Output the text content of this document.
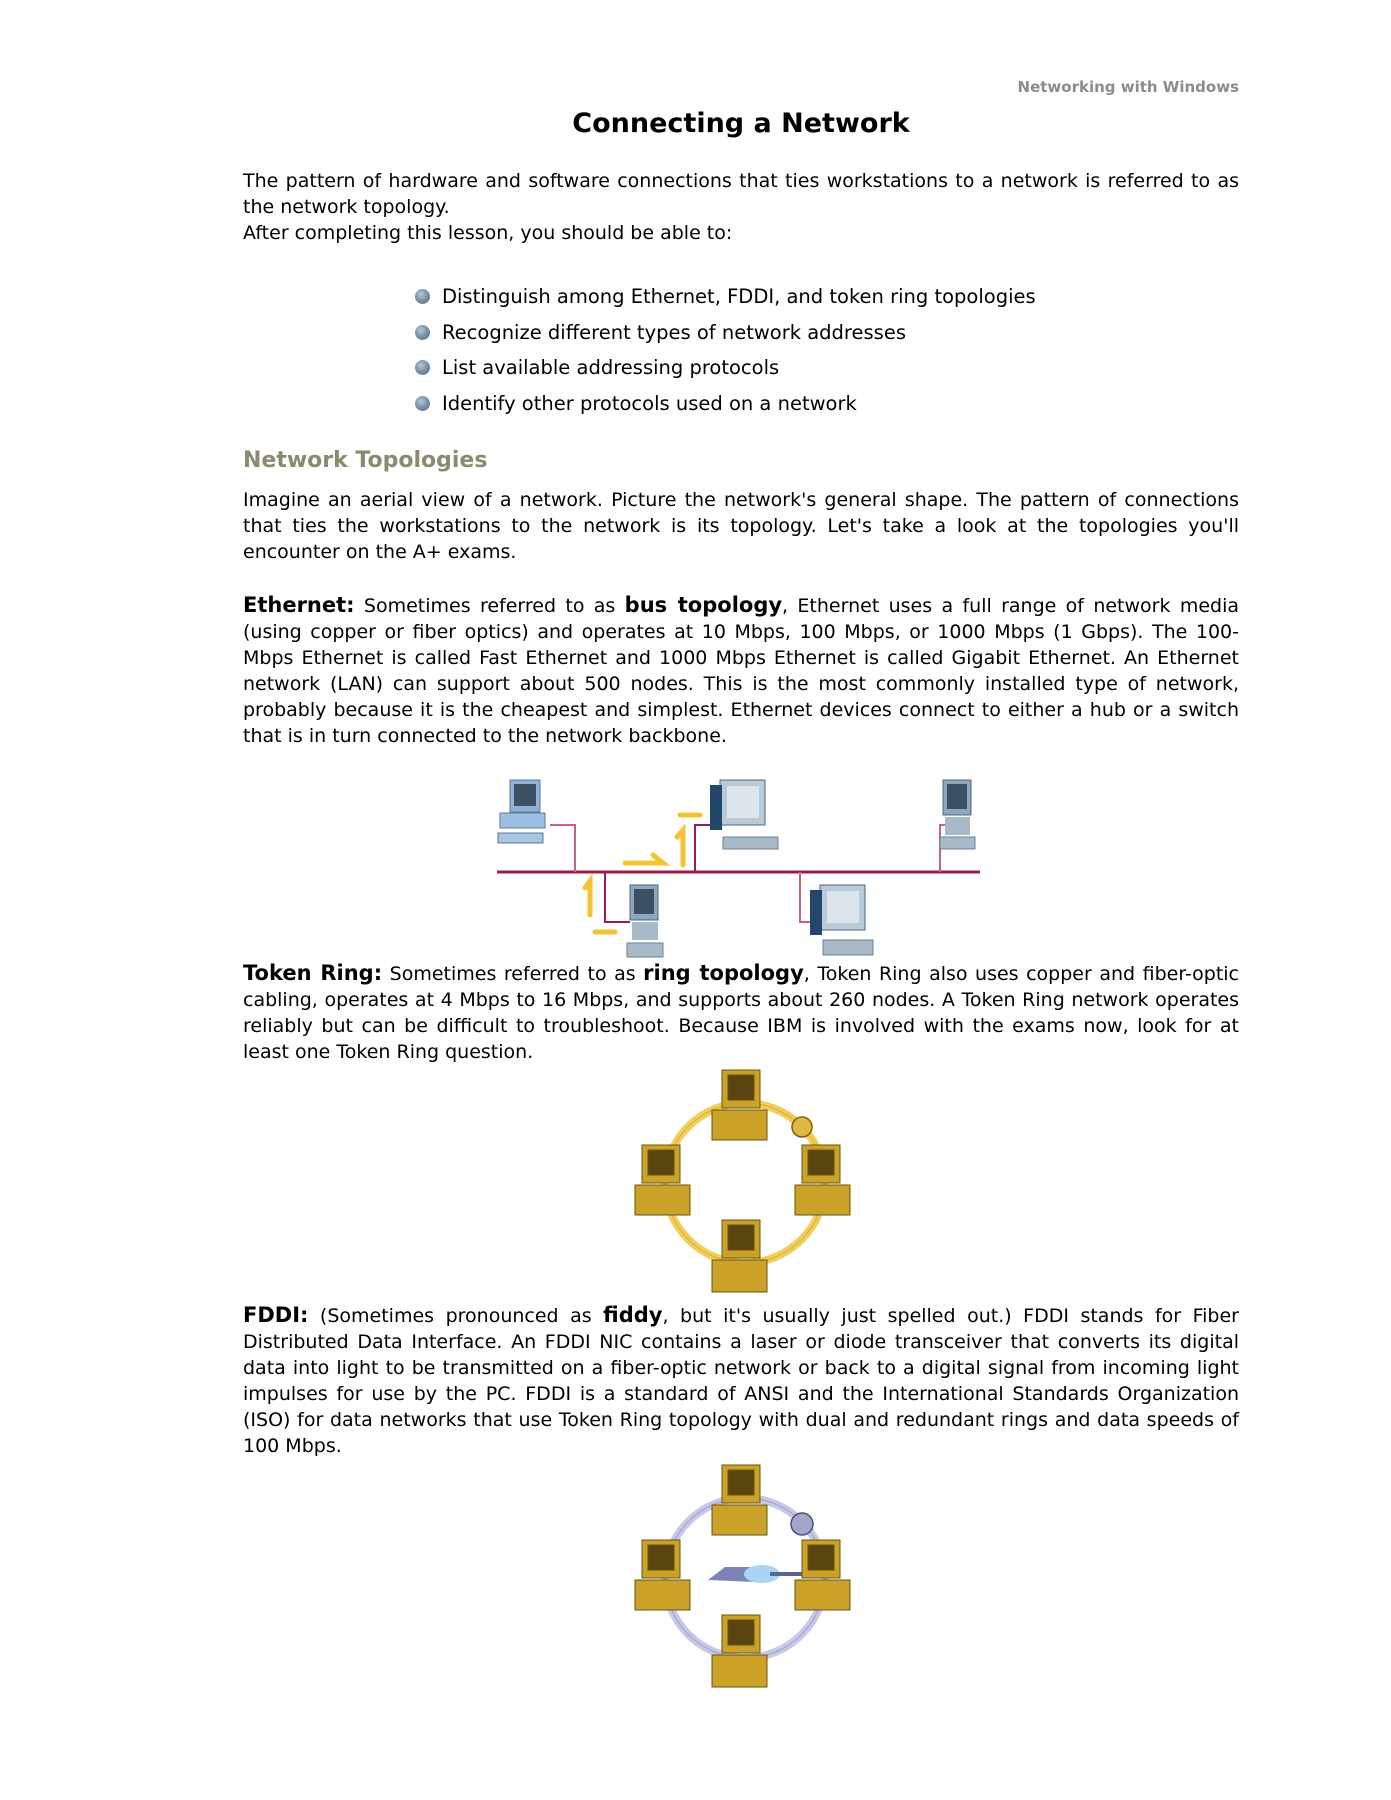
Networking with Windows
Connecting a Network

The pattern of hardware and software connections that ties workstations to a network is referred to as the network topology.

After completing this lesson, you should be able to:

Distinguish among Ethernet, FDDI, and token ring topologies
Recognize different types of network addresses
List available addressing protocols
Identify other protocols used on a network
Network Topologies

Imagine an aerial view of a network. Picture the network's general shape. The pattern of connections that ties the workstations to the network is its topology. Let's take a look at the topologies you'll encounter on the A+ exams.

Ethernet: Sometimes referred to as bus topology, Ethernet uses a full range of network media (using copper or fiber optics) and operates at 10 Mbps, 100 Mbps, or 1000 Mbps (1 Gbps). The 100-Mbps Ethernet is called Fast Ethernet and 1000 Mbps Ethernet is called Gigabit Ethernet. An Ethernet network (LAN) can support about 500 nodes. This is the most commonly installed type of network, probably because it is the cheapest and simplest. Ethernet devices connect to either a hub or a switch that is in turn connected to the network backbone.

Token Ring: Sometimes referred to as ring topology, Token Ring also uses copper and fiber-optic cabling, operates at 4 Mbps to 16 Mbps, and supports about 260 nodes. A Token Ring network operates reliably but can be difficult to troubleshoot. Because IBM is involved with the exams now, look for at least one Token Ring question.

FDDI: (Sometimes pronounced as fiddy, but it's usually just spelled out.) FDDI stands for Fiber Distributed Data Interface. An FDDI NIC contains a laser or diode transceiver that converts its digital data into light to be transmitted on a fiber-optic network or back to a digital signal from incoming light impulses for use by the PC. FDDI is a standard of ANSI and the International Standards Organization (ISO) for data networks that use Token Ring topology with dual and redundant rings and data speeds of 100 Mbps.
